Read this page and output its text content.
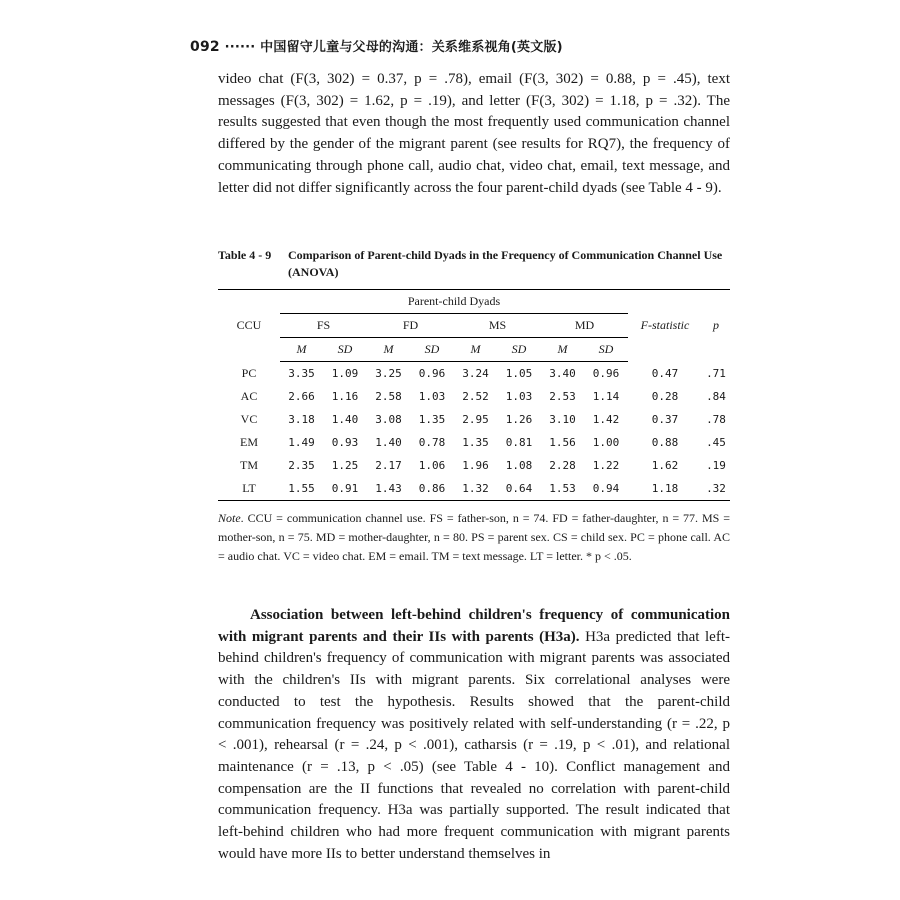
092 ······ 中国留守儿童与父母的沟通：关系维系视角(英文版)

video chat (F(3, 302) = 0.37, p = .78), email (F(3, 302) = 0.88, p = .45), text messages (F(3, 302) = 1.62, p = .19), and letter (F(3, 302) = 1.18, p = .32). The results suggested that even though the most frequently used communication channel differed by the gender of the migrant parent (see results for RQ7), the frequency of communicating through phone call, audio chat, video chat, email, text message, and letter did not differ significantly across the four parent-child dyads (see Table 4 - 9).

Table 4 - 9	Comparison of Parent-child Dyads in the Frequency of Communication Channel Use (ANOVA)
CCU	Parent-child Dyads								F-statistic	p
	FS		FD		MS		MD			
	M	SD	M	SD	M	SD	M	SD		
PC	3.35	1.09	3.25	0.96	3.24	1.05	3.40	0.96	0.47	.71
AC	2.66	1.16	2.58	1.03	2.52	1.03	2.53	1.14	0.28	.84
VC	3.18	1.40	3.08	1.35	2.95	1.26	3.10	1.42	0.37	.78
EM	1.49	0.93	1.40	0.78	1.35	0.81	1.56	1.00	0.88	.45
TM	2.35	1.25	2.17	1.06	1.96	1.08	2.28	1.22	1.62	.19
LT	1.55	0.91	1.43	0.86	1.32	0.64	1.53	0.94	1.18	.32
Note. CCU = communication channel use. FS = father-son, n = 74. FD = father-daughter, n = 77. MS = mother-son, n = 75. MD = mother-daughter, n = 80. PS = parent sex. CS = child sex. PC = phone call. AC = audio chat. VC = video chat. EM = email. TM = text message. LT = letter. * p < .05.

Association between left-behind children's frequency of communication with migrant parents and their IIs with parents (H3a). H3a predicted that left-behind children's frequency of communication with migrant parents was associated with the children's IIs with migrant parents. Six correlational analyses were conducted to test the hypothesis. Results showed that the parent-child communication frequency was positively related with self-understanding (r = .22, p < .001), rehearsal (r = .24, p < .001), catharsis (r = .19, p < .01), and relational maintenance (r = .13, p < .05) (see Table 4 - 10). Conflict management and compensation are the II functions that revealed no correlation with parent-child communication frequency. H3a was partially supported. The result indicated that left-behind children who had more frequent communication with migrant parents would have more IIs to better understand themselves in
